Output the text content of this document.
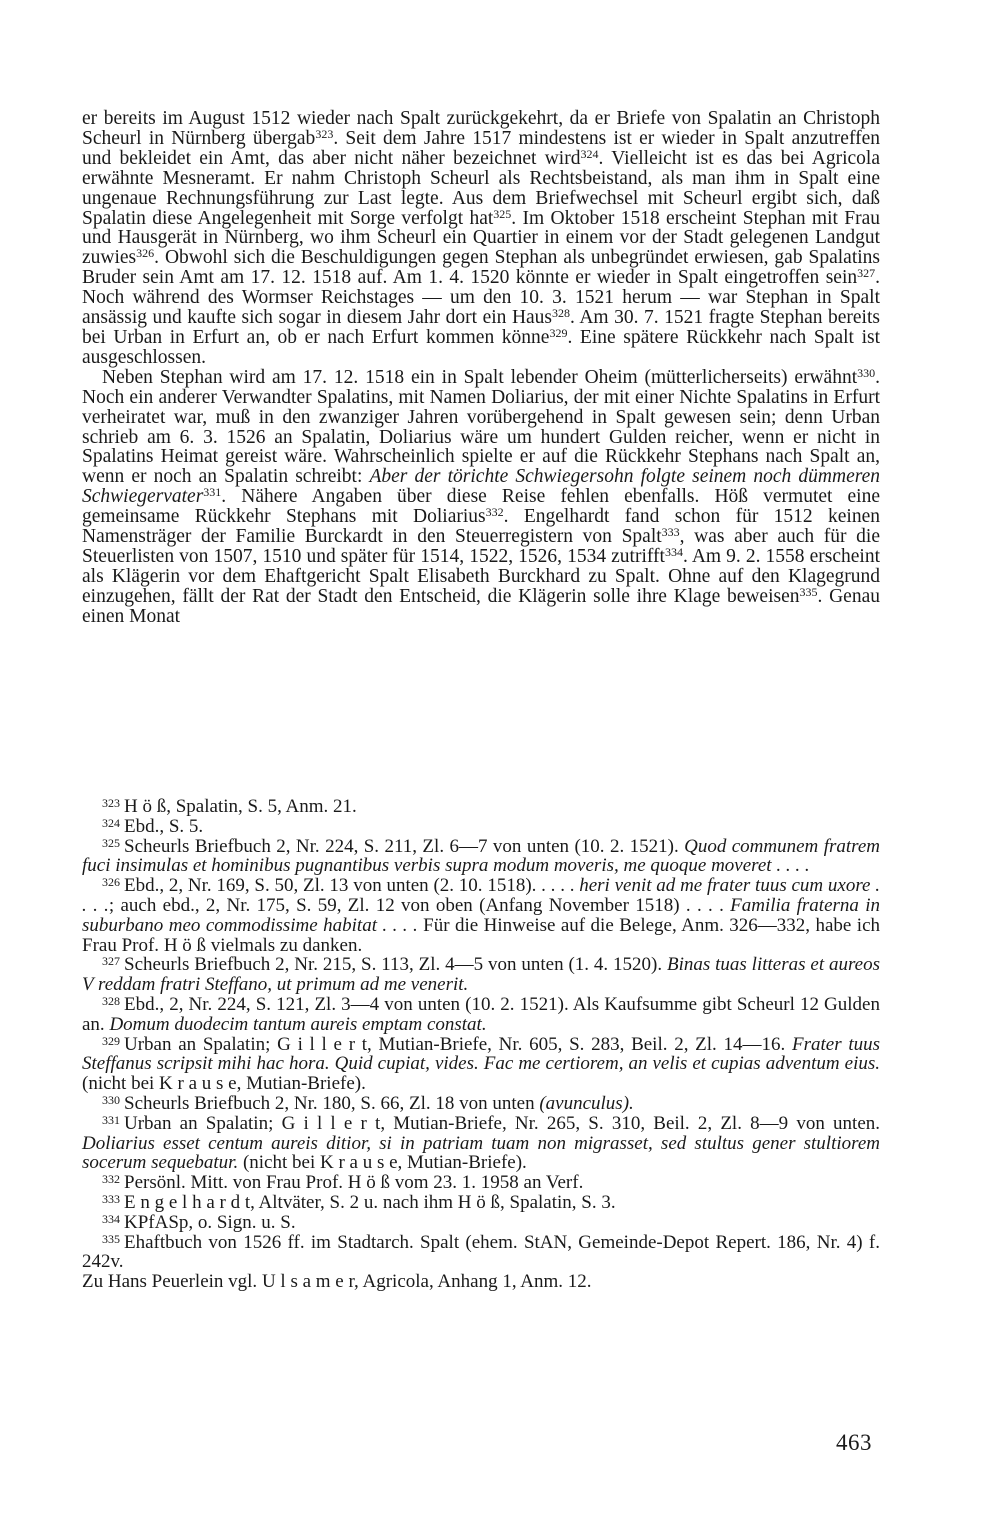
er bereits im August 1512 wieder nach Spalt zurückgekehrt, da er Briefe von Spalatin an Christoph Scheurl in Nürnberg übergab$^{323}$. Seit dem Jahre 1517 mindestens ist er wieder in Spalt anzutreffen und bekleidet ein Amt, das aber nicht näher bezeichnet wird$^{324}$. Vielleicht ist es das bei Agricola erwähnte Mesneramt. Er nahm Christoph Scheurl als Rechtsbeistand, als man ihm in Spalt eine ungenaue Rechnungsführung zur Last legte. Aus dem Briefwechsel mit Scheurl ergibt sich, daß Spalatin diese Angelegenheit mit Sorge verfolgt hat$^{325}$. Im Oktober 1518 erscheint Stephan mit Frau und Hausgerät in Nürnberg, wo ihm Scheurl ein Quartier in einem vor der Stadt gelegenen Landgut zuwies$^{326}$. Obwohl sich die Beschuldigungen gegen Stephan als unbegründet erwiesen, gab Spalatins Bruder sein Amt am 17. 12. 1518 auf. Am 1. 4. 1520 könnte er wieder in Spalt eingetroffen sein$^{327}$. Noch während des Wormser Reichstages — um den 10. 3. 1521 herum — war Stephan in Spalt ansässig und kaufte sich sogar in diesem Jahr dort ein Haus$^{328}$. Am 30. 7. 1521 fragte Stephan bereits bei Urban in Erfurt an, ob er nach Erfurt kommen könne$^{329}$. Eine spätere Rückkehr nach Spalt ist ausgeschlossen.

Neben Stephan wird am 17. 12. 1518 ein in Spalt lebender Oheim (mütterlicherseits) erwähnt$^{330}$. Noch ein anderer Verwandter Spalatins, mit Namen Doliarius, der mit einer Nichte Spalatins in Erfurt verheiratet war, muß in den zwanziger Jahren vorübergehend in Spalt gewesen sein; denn Urban schrieb am 6. 3. 1526 an Spalatin, Doliarius wäre um hundert Gulden reicher, wenn er nicht in Spalatins Heimat gereist wäre. Wahrscheinlich spielte er auf die Rückkehr Stephans nach Spalt an, wenn er noch an Spalatin schreibt: Aber der törichte Schwiegersohn folgte seinem noch dümmeren Schwiegervater$^{331}$. Nähere Angaben über diese Reise fehlen ebenfalls. Höß vermutet eine gemeinsame Rückkehr Stephans mit Doliarius$^{332}$. Engelhardt fand schon für 1512 keinen Namensträger der Familie Burckardt in den Steuerregistern von Spalt$^{333}$, was aber auch für die Steuerlisten von 1507, 1510 und später für 1514, 1522, 1526, 1534 zutrifft$^{334}$. Am 9. 2. 1558 erscheint als Klägerin vor dem Ehaftgericht Spalt Elisabeth Burckhard zu Spalt. Ohne auf den Klagegrund einzugehen, fällt der Rat der Stadt den Entscheid, die Klägerin solle ihre Klage beweisen$^{335}$. Genau einen Monat

$^{323}$ H ö ß, Spalatin, S. 5, Anm. 21.

$^{324}$ Ebd., S. 5.

$^{325}$ Scheurls Briefbuch 2, Nr. 224, S. 211, Zl. 6—7 von unten (10. 2. 1521). Quod communem fratrem fuci insimulas et hominibus pugnantibus verbis supra modum moveris, me quoque moveret . . . .

$^{326}$ Ebd., 2, Nr. 169, S. 50, Zl. 13 von unten (2. 10. 1518). . . . . heri venit ad me frater tuus cum uxore . . . .; auch ebd., 2, Nr. 175, S. 59, Zl. 12 von oben (Anfang November 1518) . . . . Familia fraterna in suburbano meo commodissime habitat . . . . Für die Hinweise auf die Belege, Anm. 326—332, habe ich Frau Prof. H ö ß vielmals zu danken.

$^{327}$ Scheurls Briefbuch 2, Nr. 215, S. 113, Zl. 4—5 von unten (1. 4. 1520). Binas tuas litteras et aureos V reddam fratri Steffano, ut primum ad me venerit.

$^{328}$ Ebd., 2, Nr. 224, S. 121, Zl. 3—4 von unten (10. 2. 1521). Als Kaufsumme gibt Scheurl 12 Gulden an. Domum duodecim tantum aureis emptam constat.

$^{329}$ Urban an Spalatin; G i l l e r t, Mutian-Briefe, Nr. 605, S. 283, Beil. 2, Zl. 14—16. Frater tuus Steffanus scripsit mihi hac hora. Quid cupiat, vides. Fac me certiorem, an velis et cupias adventum eius. (nicht bei K r a u s e, Mutian-Briefe).

$^{330}$ Scheurls Briefbuch 2, Nr. 180, S. 66, Zl. 18 von unten (avunculus).

$^{331}$ Urban an Spalatin; G i l l e r t, Mutian-Briefe, Nr. 265, S. 310, Beil. 2, Zl. 8—9 von unten. Doliarius esset centum aureis ditior, si in patriam tuam non migrasset, sed stultus gener stultiorem socerum sequebatur. (nicht bei K r a u s e, Mutian-Briefe).

$^{332}$ Persönl. Mitt. von Frau Prof. H ö ß vom 23. 1. 1958 an Verf.

$^{333}$ E n g e l h a r d t, Altväter, S. 2 u. nach ihm H ö ß, Spalatin, S. 3.

$^{334}$ KPfASp, o. Sign. u. S.

$^{335}$ Ehaftbuch von 1526 ff. im Stadtarch. Spalt (ehem. StAN, Gemeinde-Depot Repert. 186, Nr. 4) f. 242v.

Zu Hans Peuerlein vgl. U l s a m e r, Agricola, Anhang 1, Anm. 12.

463
